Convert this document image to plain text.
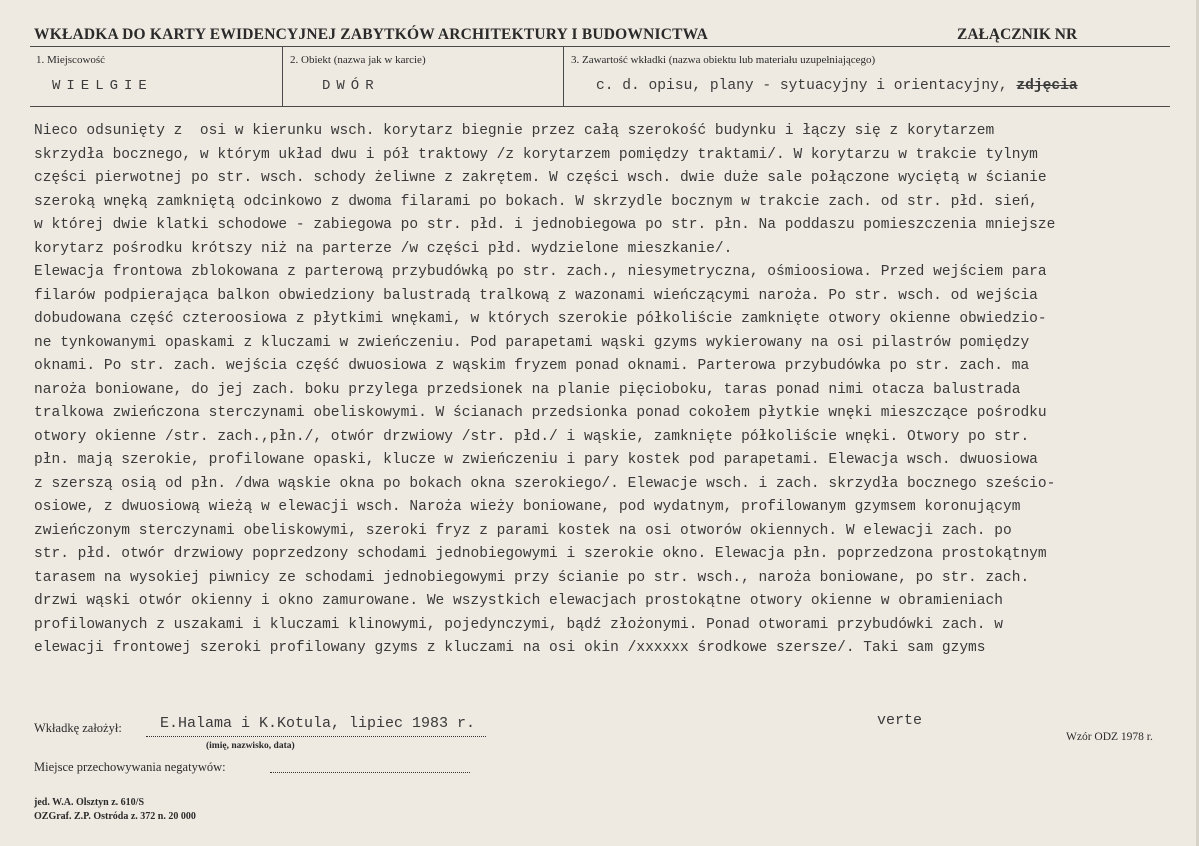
WKŁADKA DO KARTY EWIDENCYJNEJ ZABYTKÓW ARCHITEKTURY I BUDOWNICTWA	ZAŁĄCZNIK NR
1. Miejscowość
WIELGIE
2. Obiekt (nazwa jak w karcie)
DWÓR
3. Zawartość wkładki (nazwa obiektu lub materiału uzupełniającego)
c. d. opisu, plany - sytuacyjny i orientacyjny, zdjęcia
Nieco odsunięty z  osi w kierunku wsch. korytarz biegnie przez całą szerokość budynku i łączy się z korytarzem
skrzydła bocznego, w którym układ dwu i pół traktowy /z korytarzem pomiędzy traktami/. W korytarzu w trakcie tylnym
części pierwotnej po str. wsch. schody żeliwne z zakrętem. W części wsch. dwie duże sale połączone wyciętą w ścianie
szeroką wnęką zamkniętą odcinkowo z dwoma filarami po bokach. W skrzydle bocznym w trakcie zach. od str. płd. sień,
w której dwie klatki schodowe - zabiegowa po str. płd. i jednobiegowa po str. płn. Na poddaszu pomieszczenia mniejsze
korytarz pośrodku krótszy niż na parterze /w części płd. wydzielone mieszkanie/.
Elewacja frontowa zblokowana z parterową przybudówką po str. zach., niesymetryczna, ośmioosiowa. Przed wejściem para
filarów podpierająca balkon obwiedziony balustradą tralkową z wazonami wieńczącymi naroża. Po str. wsch. od wejścia
dobudowana część czteroosiowa z płytkimi wnękami, w których szerokie półkoliście zamknięte otwory okienne obwiedzio-
ne tynkowanymi opaskami z kluczami w zwieńczeniu. Pod parapetami wąski gzyms wykierowany na osi pilastrów pomiędzy
oknami. Po str. zach. wejścia część dwuosiowa z wąskim fryzem ponad oknami. Parterowa przybudówka po str. zach. ma
naroża boniowane, do jej zach. boku przylega przedsionek na planie pięcioboku, taras ponad nimi otacza balustrada
tralkowa zwieńczona sterczynami obeliskowymi. W ścianach przedsionka ponad cokołem płytkie wnęki mieszczące pośrodku
otwory okienne /str. zach.,płn./, otwór drzwiowy /str. płd./ i wąskie, zamknięte półkoliście wnęki. Otwory po str.
płn. mają szerokie, profilowane opaski, klucze w zwieńczeniu i pary kostek pod parapetami. Elewacja wsch. dwuosiowa
z szerszą osią od płn. /dwa wąskie okna po bokach okna szerokiego/. Elewacje wsch. i zach. skrzydła bocznego sześcio-
osiowe, z dwuosiową wieżą w elewacji wsch. Naroża wieży boniowane, pod wydatnym, profilowanym gzymsem koronującym
zwieńczonym sterczynami obeliskowymi, szeroki fryz z parami kostek na osi otworów okiennych. W elewacji zach. po
str. płd. otwór drzwiowy poprzedzony schodami jednobiegowymi i szerokie okno. Elewacja płn. poprzedzona prostokątnym
tarasem na wysokiej piwnicy ze schodami jednobiegowymi przy ścianie po str. wsch., naroża boniowane, po str. zach.
drzwi wąski otwór okienny i okno zamurowane. We wszystkich elewacjach prostokątne otwory okienne w obramieniach
profilowanych z uszakami i kluczami klinowymi, pojedynczymi, bądź złożonymi. Ponad otworami przybudówki zach. w
elewacji frontowej szeroki profilowany gzyms z kluczami na osi okin /xxxxxx środkowe szersze/. Taki sam gzyms
Wkładkę założył:	E.Halama i K.Kotula, lipiec 1983 r.
(imię, nazwisko, data)
verte
Wzór ODZ 1978 r.
Miejsce przechowywania negatywów:
jed. W.A. Olsztyn z. 610/S
OZGraf. Z.P. Ostróda z. 372 n. 20 000
